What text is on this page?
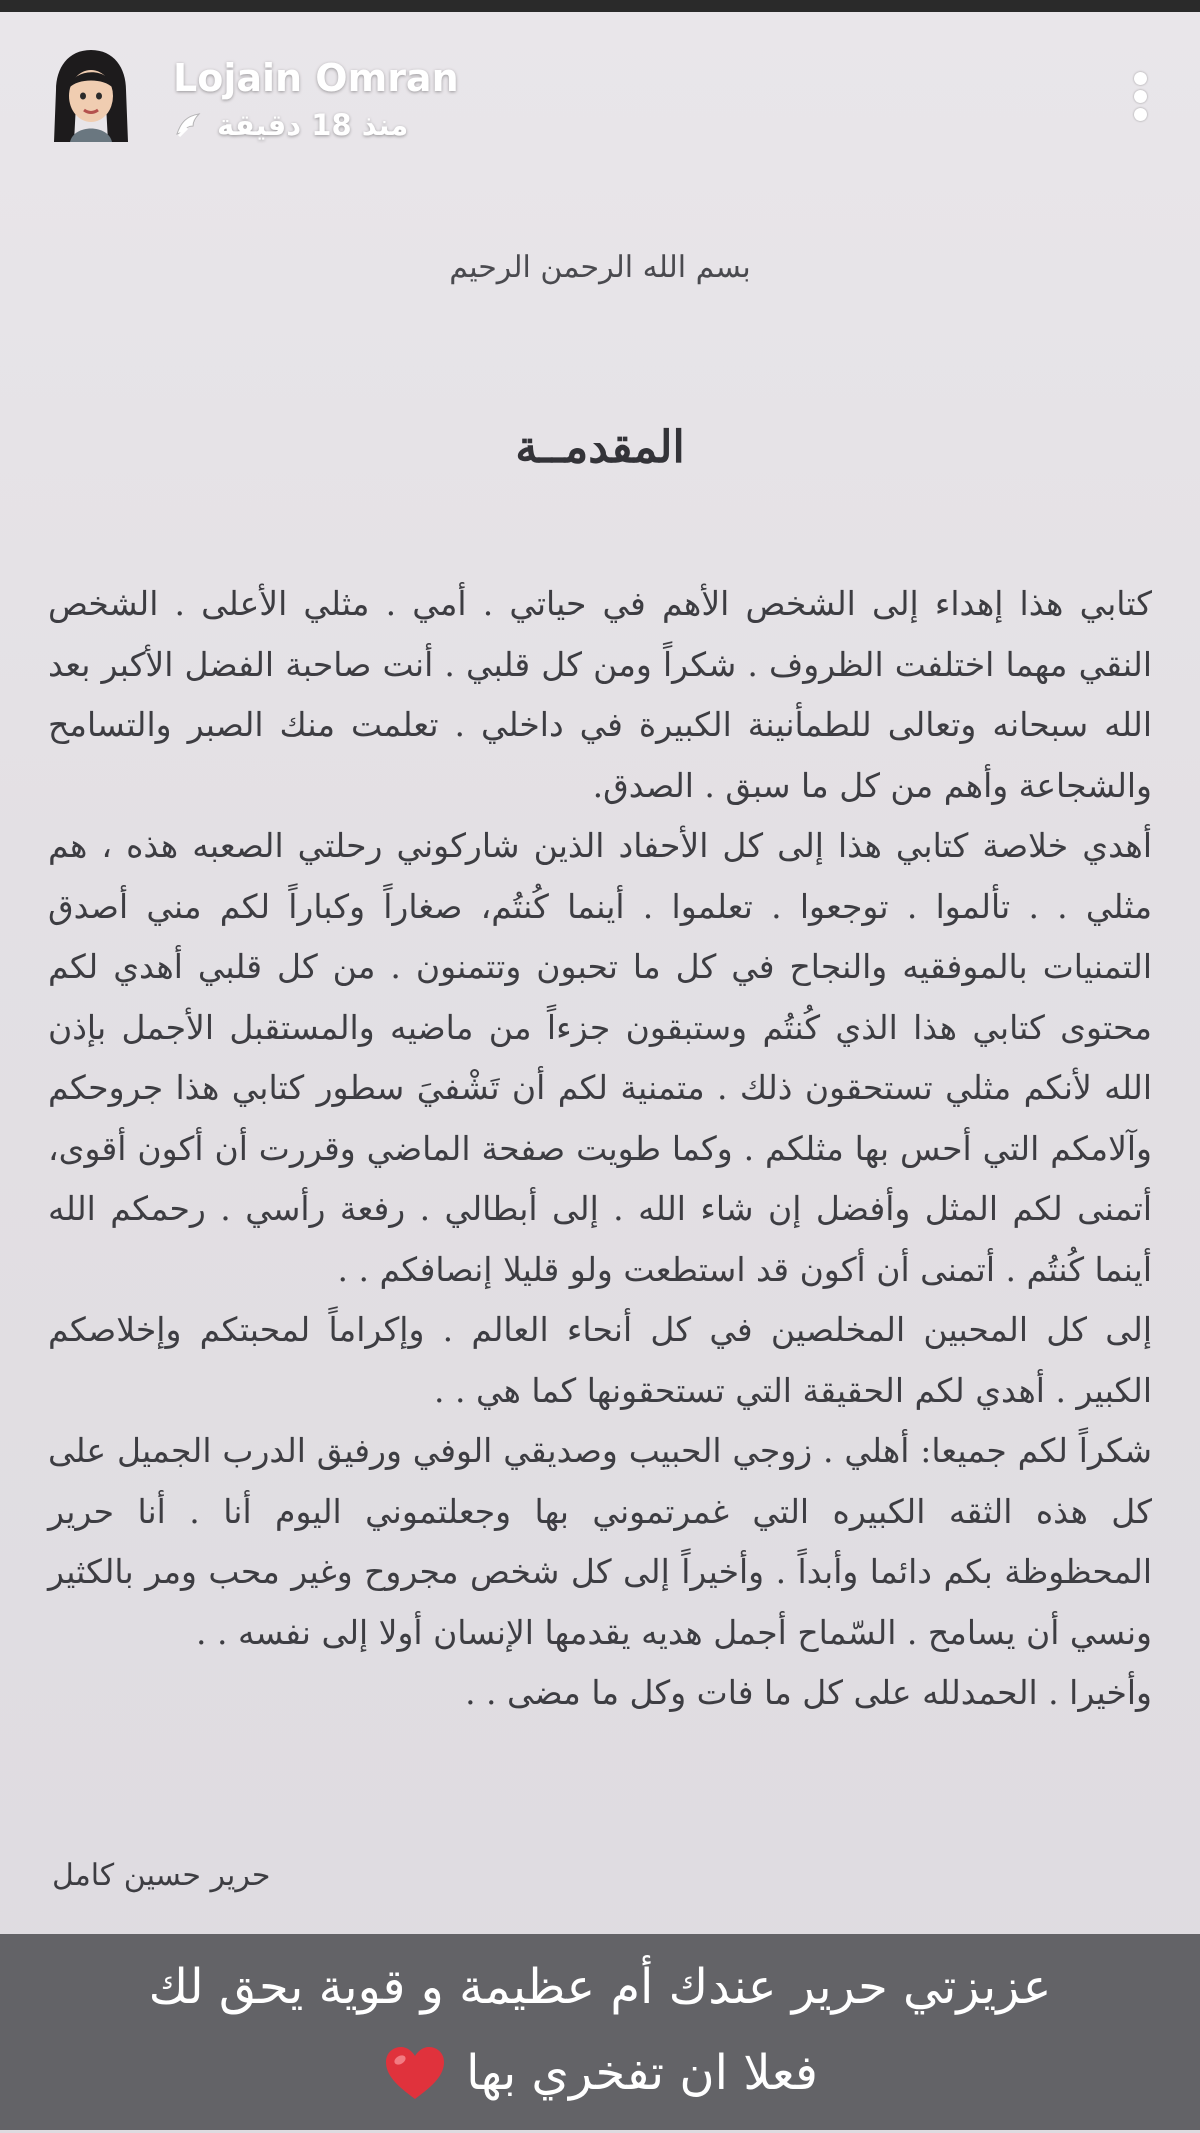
بسم الله الرحمن الرحيم
المقدمــة

كتابي هذا إهداء إلى الشخص الأهم في حياتي . أمي . مثلي الأعلى . الشخص النقي مهما اختلفت الظروف . شكراً ومن كل قلبي . أنت صاحبة الفضل الأكبر بعد الله سبحانه وتعالى للطمأنينة الكبيرة في داخلي . تعلمت منك الصبر والتسامح والشجاعة وأهم من كل ما سبق . الصدق.

أهدي خلاصة كتابي هذا إلى كل الأحفاد الذين شاركوني رحلتي الصعبه هذه ، هم مثلي . . تألموا . توجعوا . تعلموا . أينما كُنتُم، صغاراً وكباراً لكم مني أصدق التمنيات بالموفقيه والنجاح في كل ما تحبون وتتمنون . من كل قلبي أهدي لكم محتوى كتابي هذا الذي كُنتُم وستبقون جزءاً من ماضيه والمستقبل الأجمل بإذن الله لأنكم مثلي تستحقون ذلك . متمنية لكم أن تَشْفيَ سطور كتابي هذا جروحكم وآلامكم التي أحس بها مثلكم . وكما طويت صفحة الماضي وقررت أن أكون أقوى، أتمنى لكم المثل وأفضل إن شاء الله . إلى أبطالي . رفعة رأسي . رحمكم الله أينما كُنتُم . أتمنى أن أكون قد استطعت ولو قليلا إنصافكم . .

إلى كل المحبين المخلصين في كل أنحاء العالم . وإكراماً لمحبتكم وإخلاصكم الكبير . أهدي لكم الحقيقة التي تستحقونها كما هي . .

شكراً لكم جميعا: أهلي . زوجي الحبيب وصديقي الوفي ورفيق الدرب الجميل على كل هذه الثقه الكبيره التي غمرتموني بها وجعلتموني اليوم أنا . أنا حرير المحظوظة بكم دائما وأبداً . وأخيراً إلى كل شخص مجروح وغير محب ومر بالكثير ونسي أن يسامح . السّماح أجمل هديه يقدمها الإنسان أولا إلى نفسه . .

وأخيرا . الحمدلله على كل ما فات وكل ما مضى . .

حرير حسين كامل
Lojain Omran
منذ 18 دقيقة
عزيزتي حرير عندك أم عظيمة و قوية يحق لك
فعلا ان تفخري بها
